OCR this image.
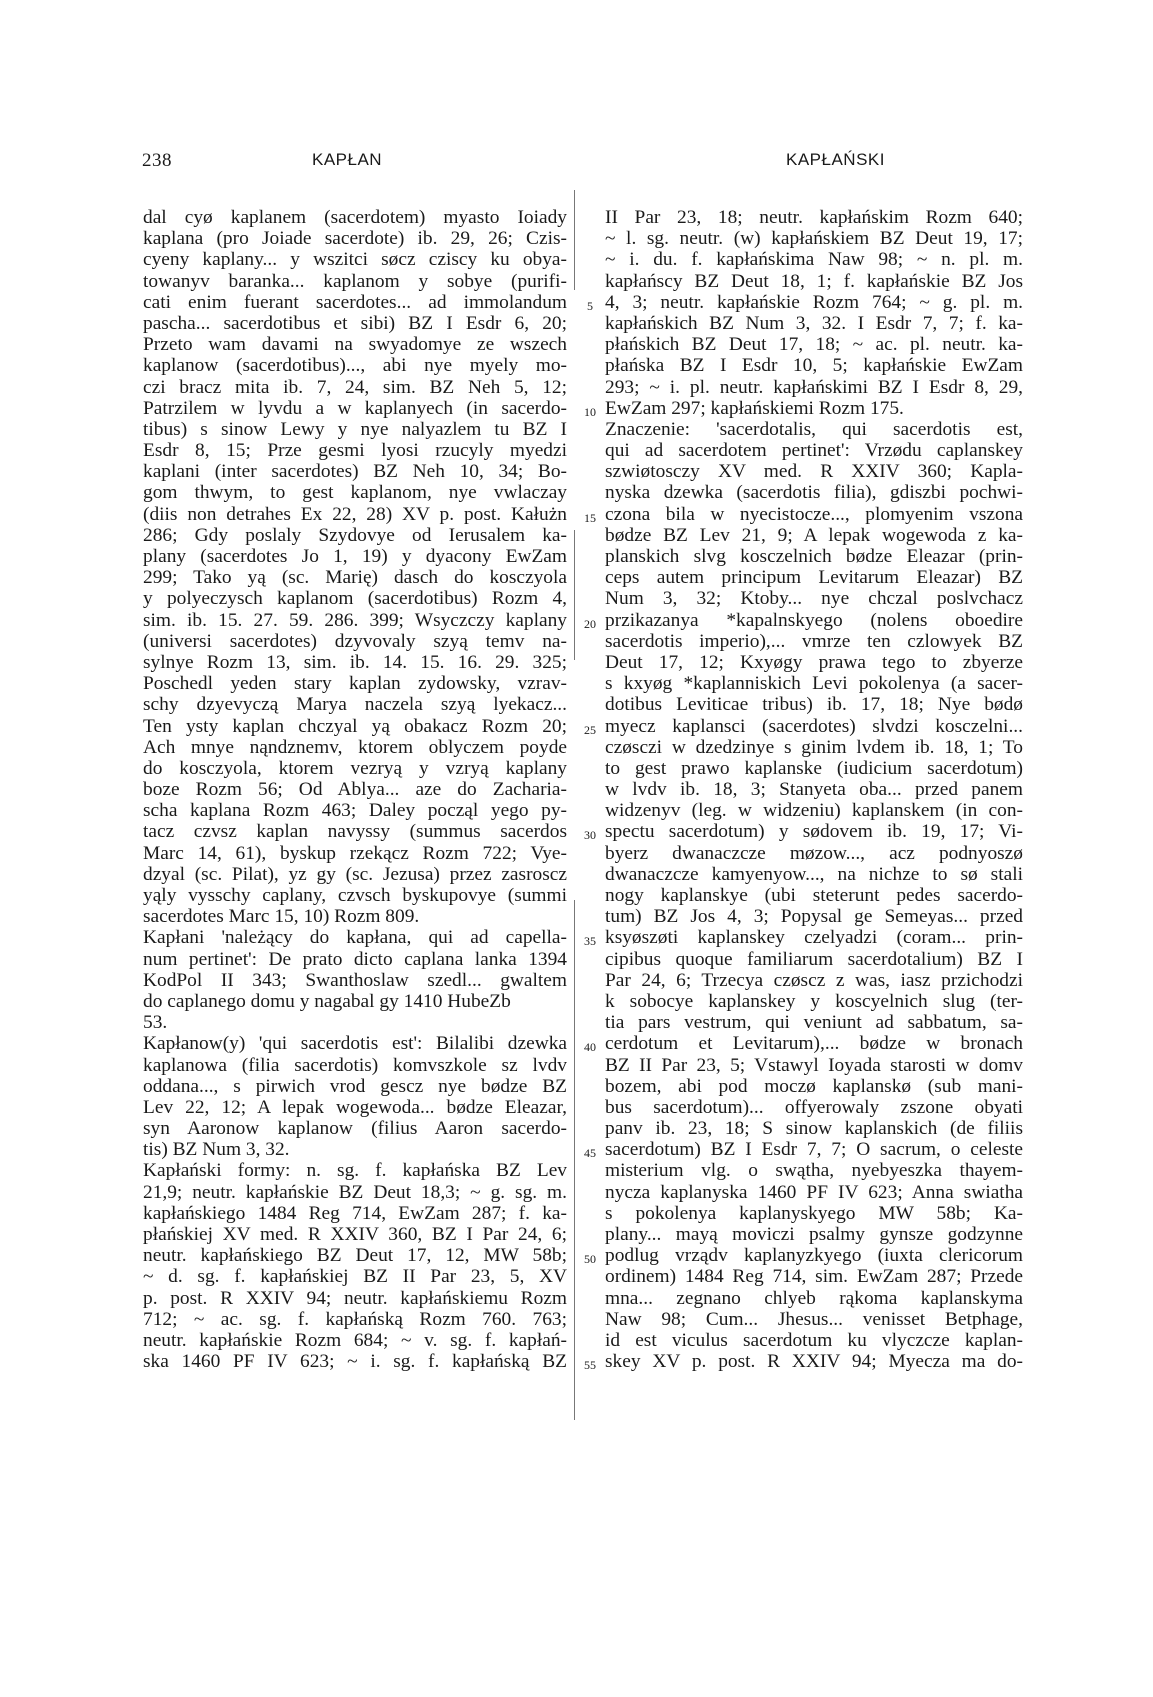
238	KAPŁAN	KAPŁAŃSKI
dal cyø kaplanem (sacerdotem) myasto Ioiady
kaplana (pro Joiade sacerdote) ib. 29, 26; Czis-
cyeny kaplany... y wszitci søcz cziscy ku obya-
towanyv baranka... kaplanom y sobye (purifi-
cati enim fuerant sacerdotes... ad immolandum
pascha... sacerdotibus et sibi) BZ I Esdr 6, 20;
Przeto wam davami na swyadomye ze wszech
kaplanow (sacerdotibus)..., abi nye myely mo-
czi bracz mita ib. 7, 24, sim. BZ Neh 5, 12;
Patrzilem w lyvdu a w kaplanyech (in sacerdo-
tibus) s sinow Lewy y nye nalyazlem tu BZ I
Esdr 8, 15; Prze gesmi lyosi rzucyly myedzi
kaplani (inter sacerdotes) BZ Neh 10, 34; Bo-
gom thwym, to gest kaplanom, nye vwlaczay
(diis non detrahes Ex 22, 28) XV p. post. Kałużn
286; Gdy poslaly Szydovye od Ierusalem ka-
plany (sacerdotes Jo 1, 19) y dyacony EwZam
299; Tako yą (sc. Marię) dasch do kosczyola
y polyeczysch kaplanom (sacerdotibus) Rozm 4,
sim. ib. 15. 27. 59. 286. 399; Wsyczczy kaplany
(universi sacerdotes) dzyvovaly szyą temv na-
sylnye Rozm 13, sim. ib. 14. 15. 16. 29. 325;
Poschedl yeden stary kaplan zydowsky, vzrav-
schy dzyevyczą Marya naczela szyą lyekacz...
Ten ysty kaplan chczyal yą obakacz Rozm 20;
Ach mnye nąndznemv, ktorem oblyczem poyde
do kosczyola, ktorem vezryą y vzryą kaplany
boze Rozm 56; Od Ablya... aze do Zacharia-
scha kaplana Rozm 463; Daley począl yego py-
tacz czvsz kaplan navyssy (summus sacerdos
Marc 14, 61), byskup rzekącz Rozm 722; Vye-
dzyal (sc. Pilat), yz gy (sc. Jezusa) przez zasroscz
yąly vysschy caplany, czvsch byskupovye (summi
sacerdotes Marc 15, 10) Rozm 809.
Kapłani 'należący do kapłana, qui ad capella-
num pertinet': De prato dicto caplana lanka 1394
KodPol II 343; Swanthoslaw szedl... gwaltem
do caplanego domu y nagabal gy 1410 HubeZb
53.
Kapłanow(y) 'qui sacerdotis est': Bilalibi dzewka
kaplanowa (filia sacerdotis) komvszkole sz lvdv
oddana..., s pirwich vrod gescz nye bødze BZ
Lev 22, 12; A lepak wogewoda... bødze Eleazar,
syn Aaronow kaplanow (filius Aaron sacerdo-
tis) BZ Num 3, 32.
Kapłański formy: n. sg. f. kapłańska BZ Lev
21,9; neutr. kapłańskie BZ Deut 18,3; ~ g. sg. m.
kapłańskiego 1484 Reg 714, EwZam 287; f. ka-
płańskiej XV med. R XXIV 360, BZ I Par 24, 6;
neutr. kapłańskiego BZ Deut 17, 12, MW 58b;
~ d. sg. f. kapłańskiej BZ II Par 23, 5, XV
p. post. R XXIV 94; neutr. kapłańskiemu Rozm
712; ~ ac. sg. f. kapłańską Rozm 760. 763;
neutr. kapłańskie Rozm 684; ~ v. sg. f. kapłań-
ska 1460 PF IV 623; ~ i. sg. f. kapłańską BZ
5
10
15
20
25
30
35
40
45
50
55
II Par 23, 18; neutr. kapłańskim Rozm 640;
~ l. sg. neutr. (w) kapłańskiem BZ Deut 19, 17;
~ i. du. f. kapłańskima Naw 98; ~ n. pl. m.
kapłańscy BZ Deut 18, 1; f. kapłańskie BZ Jos
4, 3; neutr. kapłańskie Rozm 764; ~ g. pl. m.
kapłańskich BZ Num 3, 32. I Esdr 7, 7; f. ka-
płańskich BZ Deut 17, 18; ~ ac. pl. neutr. ka-
płańska BZ I Esdr 10, 5; kapłańskie EwZam
293; ~ i. pl. neutr. kapłańskimi BZ I Esdr 8, 29,
EwZam 297; kapłańskiemi Rozm 175.
Znaczenie: 'sacerdotalis, qui sacerdotis est,
qui ad sacerdotem pertinet': Vrzødu caplanskey
szwiøtosczy XV med. R XXIV 360; Kapla-
nyska dzewka (sacerdotis filia), gdiszbi pochwi-
czona bila w nyecistocze..., plomyenim vszona
bødze BZ Lev 21, 9; A lepak wogewoda z ka-
planskich slvg kosczelnich bødze Eleazar (prin-
ceps autem principum Levitarum Eleazar) BZ
Num 3, 32; Ktoby... nye chczal poslvchacz
przikazanya *kapalnskyego (nolens oboedire
sacerdotis imperio),... vmrze ten czlowyek BZ
Deut 17, 12; Kxyøgy prawa tego to zbyerze
s kxyøg *kaplanniskich Levi pokolenya (a sacer-
dotibus Leviticae tribus) ib. 17, 18; Nye bødø
myecz kaplansci (sacerdotes) slvdzi kosczelni...
czøsczi w dzedzinye s ginim lvdem ib. 18, 1; To
to gest prawo kaplanske (iudicium sacerdotum)
w lvdv ib. 18, 3; Stanyeta oba... przed panem
widzenyv (leg. w widzeniu) kaplanskem (in con-
spectu sacerdotum) y sødovem ib. 19, 17; Vi-
byerz dwanaczcze møzow..., acz podnyoszø
dwanaczcze kamyenyow..., na nichze to sø stali
nogy kaplanskye (ubi steterunt pedes sacerdo-
tum) BZ Jos 4, 3; Popysal ge Semeyas... przed
ksyøszøti kaplanskey czelyadzi (coram... prin-
cipibus quoque familiarum sacerdotalium) BZ I
Par 24, 6; Trzecya czøscz z was, iasz przichodzi
k sobocye kaplanskey y koscyelnich slug (ter-
tia pars vestrum, qui veniunt ad sabbatum, sa-
cerdotum et Levitarum),... bødze w bronach
BZ II Par 23, 5; Vstawyl Ioyada starosti w domv
bozem, abi pod moczø kaplanskø (sub mani-
bus sacerdotum)... offyerowaly zszone obyati
panv ib. 23, 18; S sinow kaplanskich (de filiis
sacerdotum) BZ I Esdr 7, 7; O sacrum, o celeste
misterium vlg. o swątha, nyebyeszka thayem-
nycza kaplanyska 1460 PF IV 623; Anna swiatha
s pokolenya kaplanyskyego MW 58b; Ka-
plany... mayą moviczi psalmy gynsze godzynne
podlug vrządv kaplanyzkyego (iuxta clericorum
ordinem) 1484 Reg 714, sim. EwZam 287; Przede
mna... zegnano chlyeb rąkoma kaplanskyma
Naw 98; Cum... Jhesus... venisset Betphage,
id est viculus sacerdotum ku vlyczcze kaplan-
skey XV p. post. R XXIV 94; Myecza ma do-
